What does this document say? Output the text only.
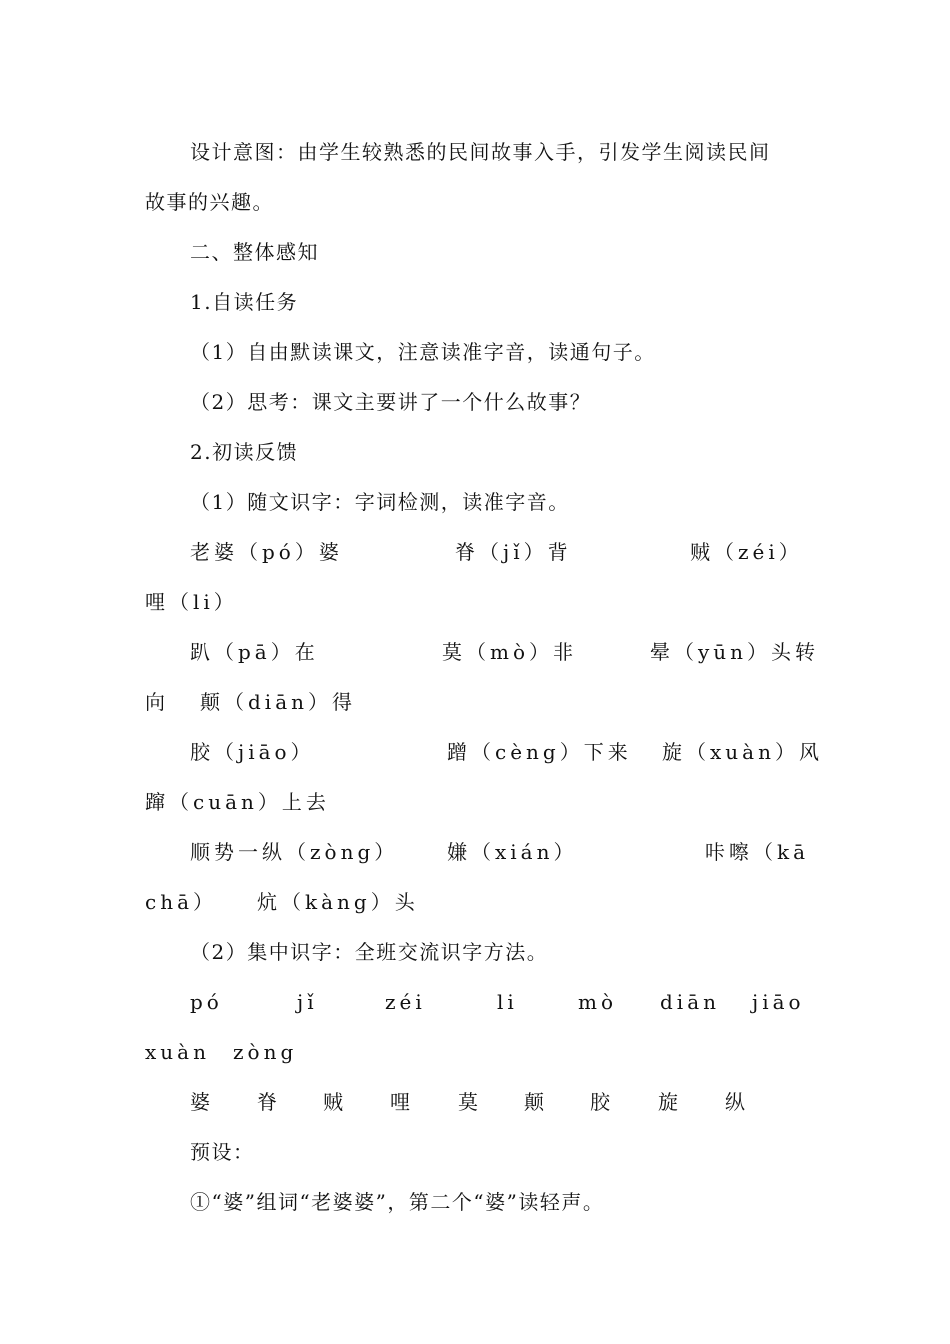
设计意图：由学生较熟悉的民间故事入手，引发学生阅读民间
故事的兴趣。
二、整体感知
1.自读任务
（1）自由默读课文，注意读准字音，读通句子。
（2）思考：课文主要讲了一个什么故事？
2.初读反馈
（1）随文识字：字词检测，读准字音。
老婆（pó）婆	脊（jǐ）背	贼（zéi）
哩（li）
趴（pā）在	莫（mò）非	晕（yūn）头转
向 颠（diān）得
胶（jiāo）	蹭（cèng）下来 旋（xuàn）风
蹿（cuān）上去
顺势一纵（zòng） 嫌（xián）	咔嚓（kā
chā） 炕（kàng）头
（2）集中识字：全班交流识字方法。
pó	jǐ	zéi	li	mò diān jiāo
xuàn zòng
婆 脊 贼 哩 莫 颠 胶 旋 纵
预设：
①“婆”组词“老婆婆”，第二个“婆”读轻声。
